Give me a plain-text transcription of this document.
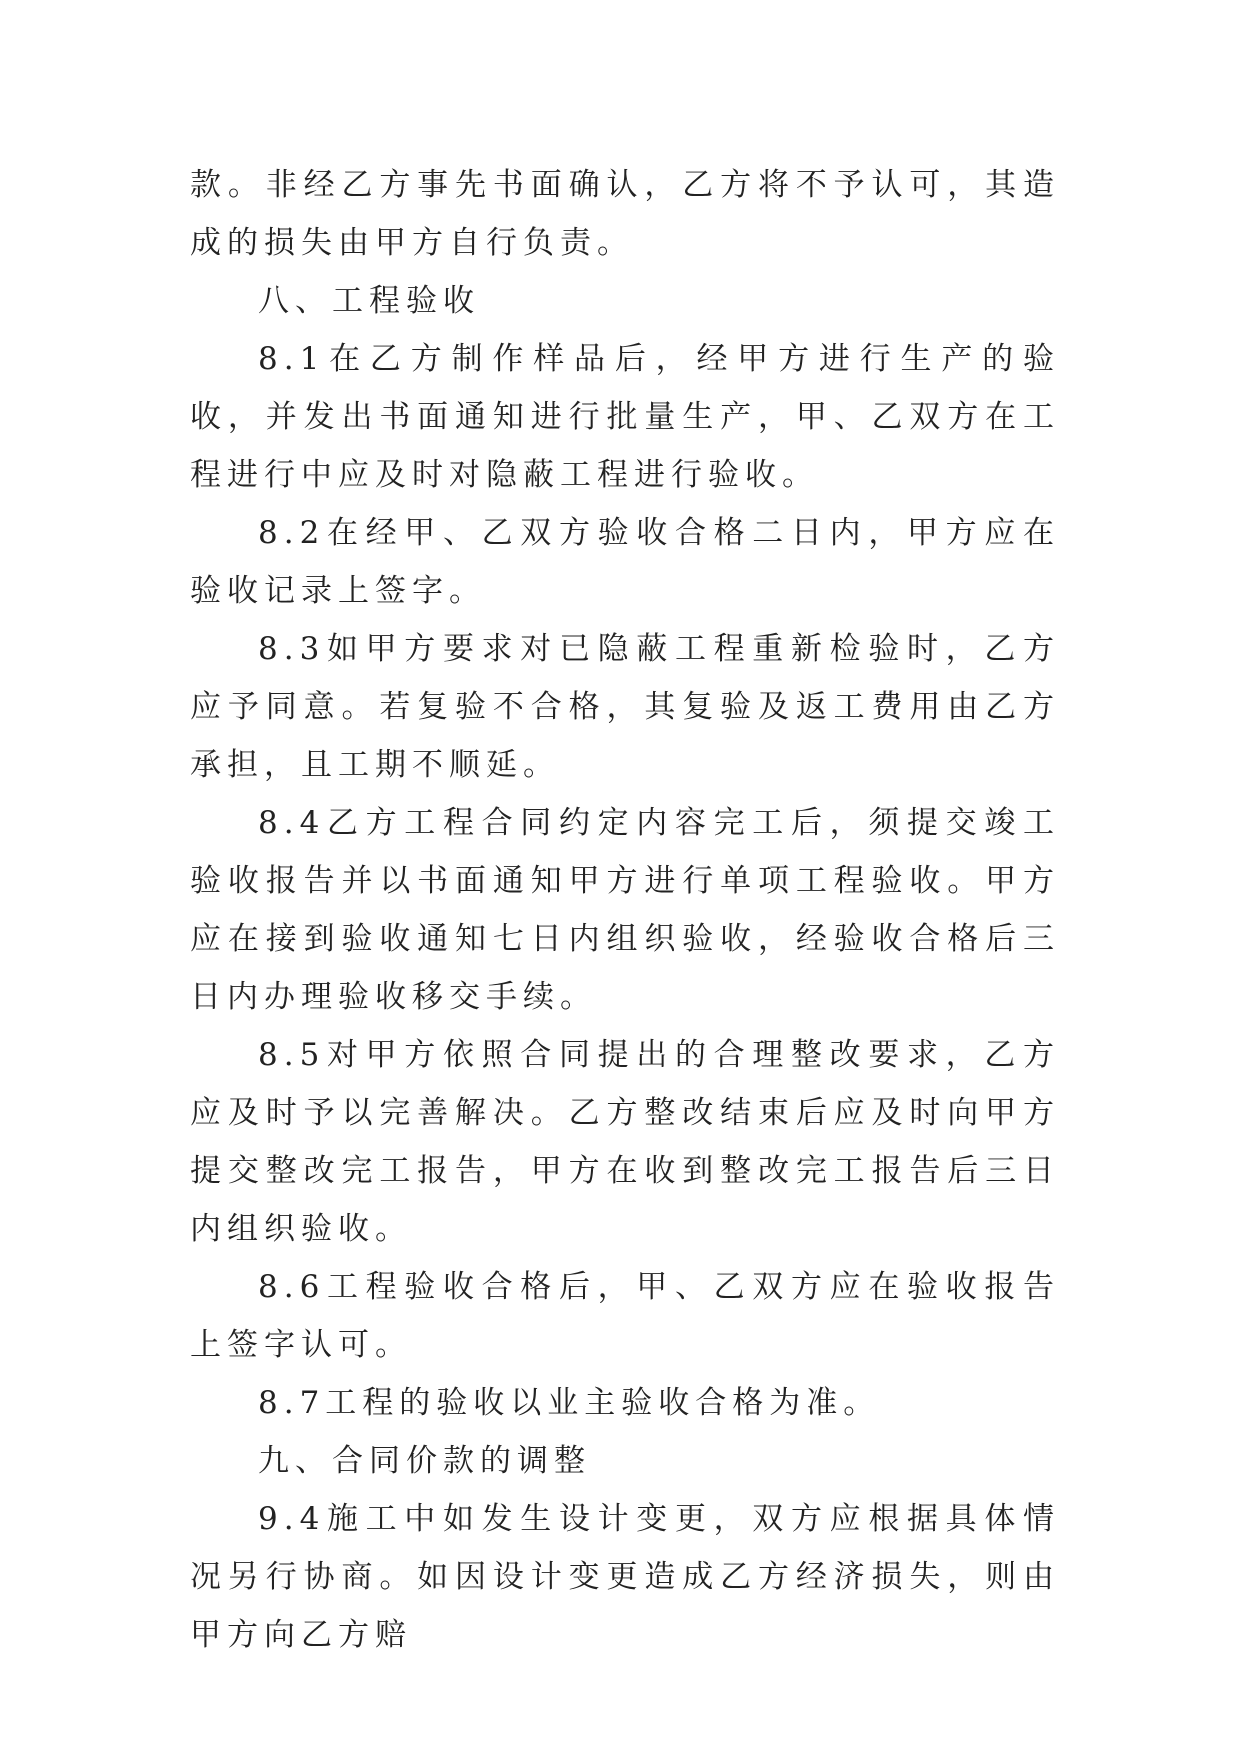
款。非经乙方事先书面确认，乙方将不予认可，其造成的损失由甲方自行负责。

八、工程验收

8.1在乙方制作样品后，经甲方进行生产的验收，并发出书面通知进行批量生产，甲、乙双方在工程进行中应及时对隐蔽工程进行验收。

8.2在经甲、乙双方验收合格二日内，甲方应在验收记录上签字。

8.3如甲方要求对已隐蔽工程重新检验时，乙方应予同意。若复验不合格，其复验及返工费用由乙方承担，且工期不顺延。

8.4乙方工程合同约定内容完工后，须提交竣工验收报告并以书面通知甲方进行单项工程验收。甲方应在接到验收通知七日内组织验收，经验收合格后三日内办理验收移交手续。

8.5对甲方依照合同提出的合理整改要求，乙方应及时予以完善解决。乙方整改结束后应及时向甲方提交整改完工报告，甲方在收到整改完工报告后三日内组织验收。

8.6工程验收合格后，甲、乙双方应在验收报告上签字认可。

8.7工程的验收以业主验收合格为准。

九、合同价款的调整

9.4施工中如发生设计变更，双方应根据具体情况另行协商。如因设计变更造成乙方经济损失，则由甲方向乙方赔
